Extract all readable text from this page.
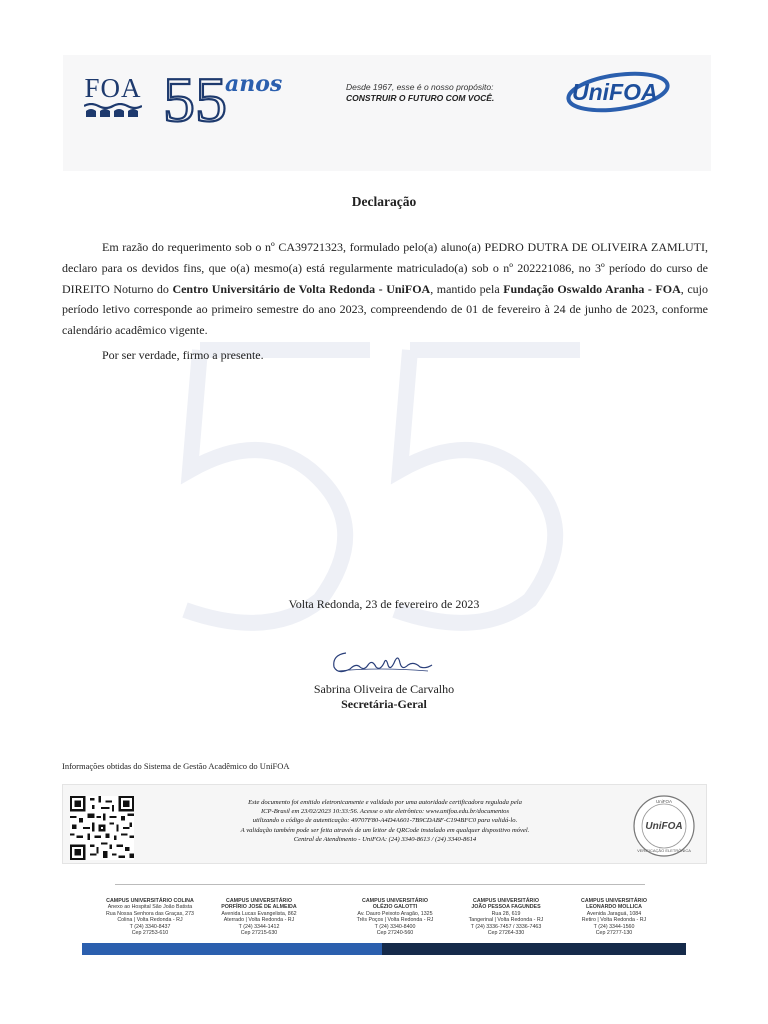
FOA 55
anos	Desde 1967, esse é o nosso propósito:
CONSTRUIR O FUTURO COM VOCÊ.	UniFOA
Declaração
Em razão do requerimento sob o nº CA39721323, formulado pelo(a) aluno(a) PEDRO DUTRA DE OLIVEIRA ZAMLUTI, declaro para os devidos fins, que o(a) mesmo(a) está regularmente matriculado(a) sob o nº 202221086, no 3º período do curso de DIREITO Noturno do Centro Universitário de Volta Redonda - UniFOA, mantido pela Fundação Oswaldo Aranha - FOA, cujo período letivo corresponde ao primeiro semestre do ano 2023, compreendendo de 01 de fevereiro à 24 de junho de 2023, conforme calendário acadêmico vigente.
Por ser verdade, firmo a presente.
Volta Redonda, 23 de fevereiro de 2023
Sabrina Oliveira de Carvalho
Secretária-Geral
Informações obtidas do Sistema de Gestão Acadêmico do UniFOA
Este documento foi emitido eletronicamente e validado por uma autoridade certificadora regulada pela
ICP-Brasil em 23/02/2023 10:33:56. Acesse o site eletrônico: www.unifoa.edu.br/documentos
utilizando o código de autenticação: 49707F80-A4D4A601-7B9CDABF-C194BFC0 para validá-lo.
A validação também pode ser feita através de um leitor de QRCode instalado em qualquer dispositivo móvel.
Central de Atendimento - UniFOA: (24) 3340-8613 / (24) 3340-8614
UniFOA
UniFOA
VERIFICAÇÃO ELETRÔNICA
CAMPUS UNIVERSITÁRIO COLINA
Anexo ao Hospital São João Batista
Rua Nossa Senhora das Graças, 273
Colina | Volta Redonda - RJ
T (24) 3340-8437
Cep 27253-610
CAMPUS UNIVERSITÁRIO
PORFÍRIO JOSÉ DE ALMEIDA
Avenida Lucas Evangelista, 862
Aterrado | Volta Redonda - RJ
T (24) 3344-1412
Cep 27215-630
CAMPUS UNIVERSITÁRIO
OLÉZIO GALOTTI
Av. Dauro Peixoto Aragão, 1325
Três Poços | Volta Redonda - RJ
T (24) 3340-8400
Cep 27240-560
CAMPUS UNIVERSITÁRIO
JOÃO PESSOA FAGUNDES
Rua 28, 619
Tangerinal | Volta Redonda - RJ
T (24) 3336-7457 / 3336-7463
Cep 27264-330
CAMPUS UNIVERSITÁRIO
LEONARDO MOLLICA
Avenida Jaraguá, 1084
Retiro | Volta Redonda - RJ
T (24) 3344-1560
Cep 27277-130
